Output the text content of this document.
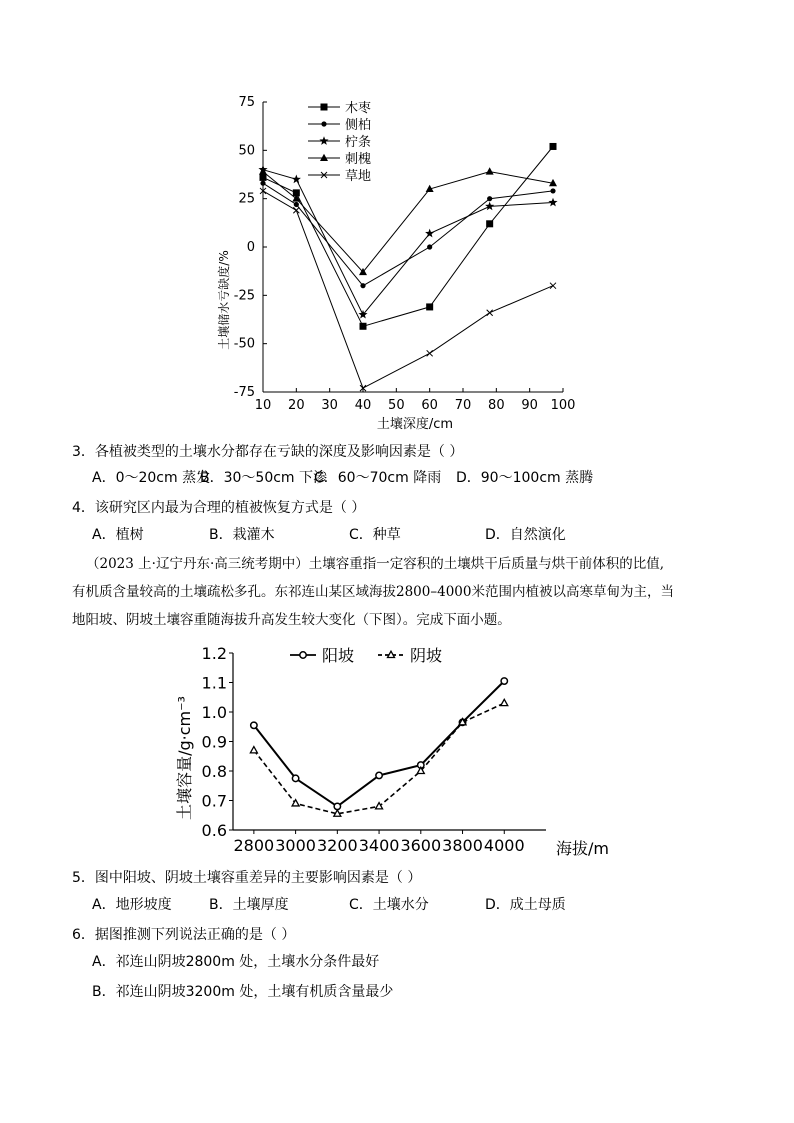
75
50
25
0
-25
-50
-75
10 20 30 40 50 60 70 80 90 100
木枣
侧柏
柠条
刺槐
草地
土壤储水亏缺度/%
土壤深度/cm
3．各植被类型的土壤水分都存在亏缺的深度及影响因素是（ ）
A．0～20cm 蒸发B．30～50cm 下渗C．60～70cm 降雨 D．90～100cm 蒸腾
4．该研究区内最为合理的植被恢复方式是（ ）
A．植树	B．栽灌木	C．种草	D．自然演化
（2023 上·辽宁丹东·高三统考期中）土壤容重指一定容积的土壤烘干后质量与烘干前体积的比值,
有机质含量较高的土壤疏松多孔。东祁连山某区域海拔2800–4000米范围内植被以高寒草甸为主，当
地阳坡、阴坡土壤容重随海拔升高发生较大变化（下图）。完成下面小题。
1.2
1.1
1.0
0.9
0.8
0.7
0.6
2800 3000 3200 3400 3600 3800 4000
阳坡	阴坡
土壤容量/g·cm⁻³
海拔/m
5．图中阳坡、阴坡土壤容重差异的主要影响因素是（ ）
A．地形坡度	B．土壤厚度	C．土壤水分	D．成土母质
6．据图推测下列说法正确的是（ ）
A．祁连山阴坡2800m 处，土壤水分条件最好
B．祁连山阴坡3200m 处，土壤有机质含量最少
